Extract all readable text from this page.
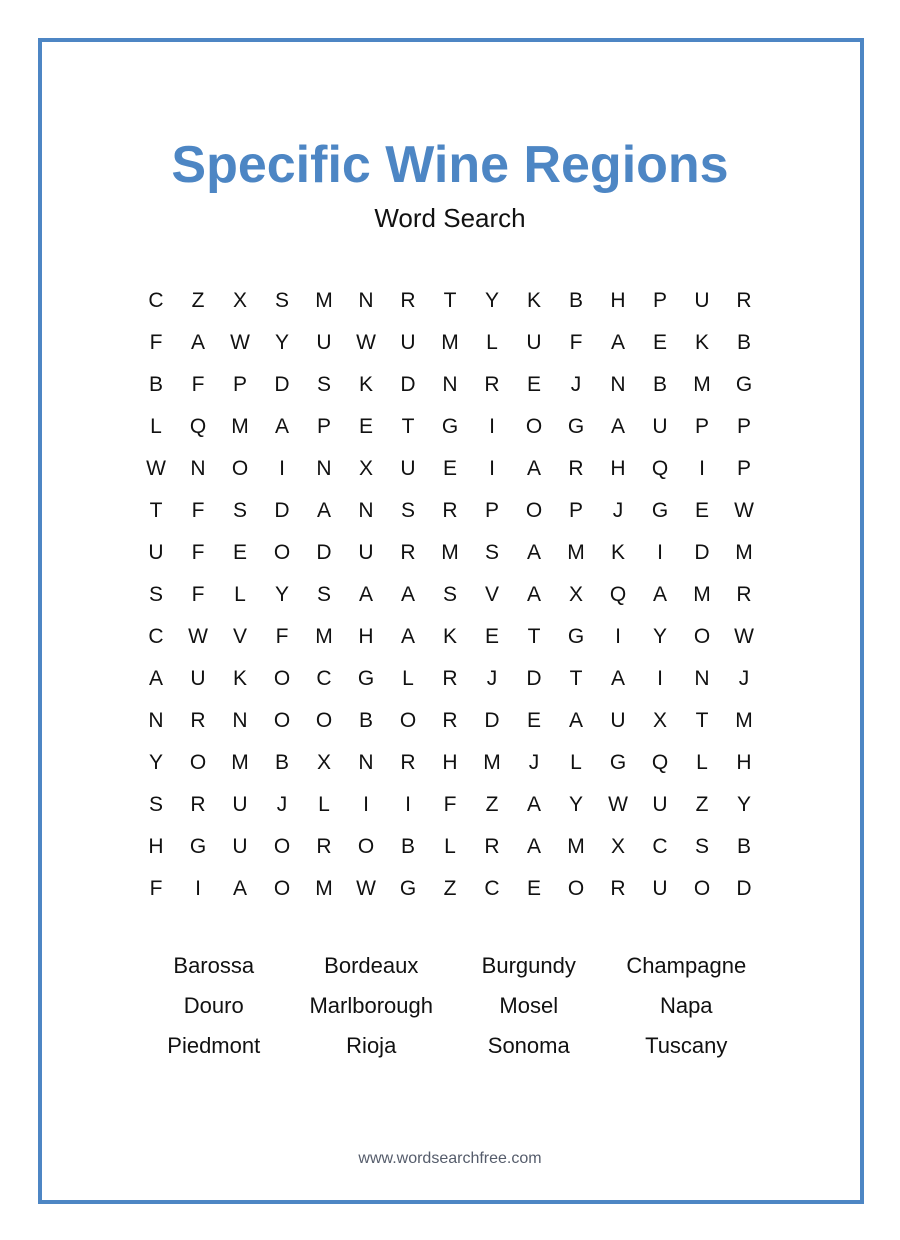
Specific Wine Regions
Word Search
C	Z	X	S	M	N	R	T	Y	K	B	H	P	U	R
F	A	W	Y	U	W	U	M	L	U	F	A	E	K	B
B	F	P	D	S	K	D	N	R	E	J	N	B	M	G
L	Q	M	A	P	E	T	G	I	O	G	A	U	P	P
W	N	O	I	N	X	U	E	I	A	R	H	Q	I	P
T	F	S	D	A	N	S	R	P	O	P	J	G	E	W
U	F	E	O	D	U	R	M	S	A	M	K	I	D	M
S	F	L	Y	S	A	A	S	V	A	X	Q	A	M	R
C	W	V	F	M	H	A	K	E	T	G	I	Y	O	W
A	U	K	O	C	G	L	R	J	D	T	A	I	N	J
N	R	N	O	O	B	O	R	D	E	A	U	X	T	M
Y	O	M	B	X	N	R	H	M	J	L	G	Q	L	H
S	R	U	J	L	I	I	F	Z	A	Y	W	U	Z	Y
H	G	U	O	R	O	B	L	R	A	M	X	C	S	B
F	I	A	O	M	W	G	Z	C	E	O	R	U	O	D
Barossa	Bordeaux	Burgundy	Champagne
Douro	Marlborough	Mosel	Napa
Piedmont	Rioja	Sonoma	Tuscany
www.wordsearchfree.com
